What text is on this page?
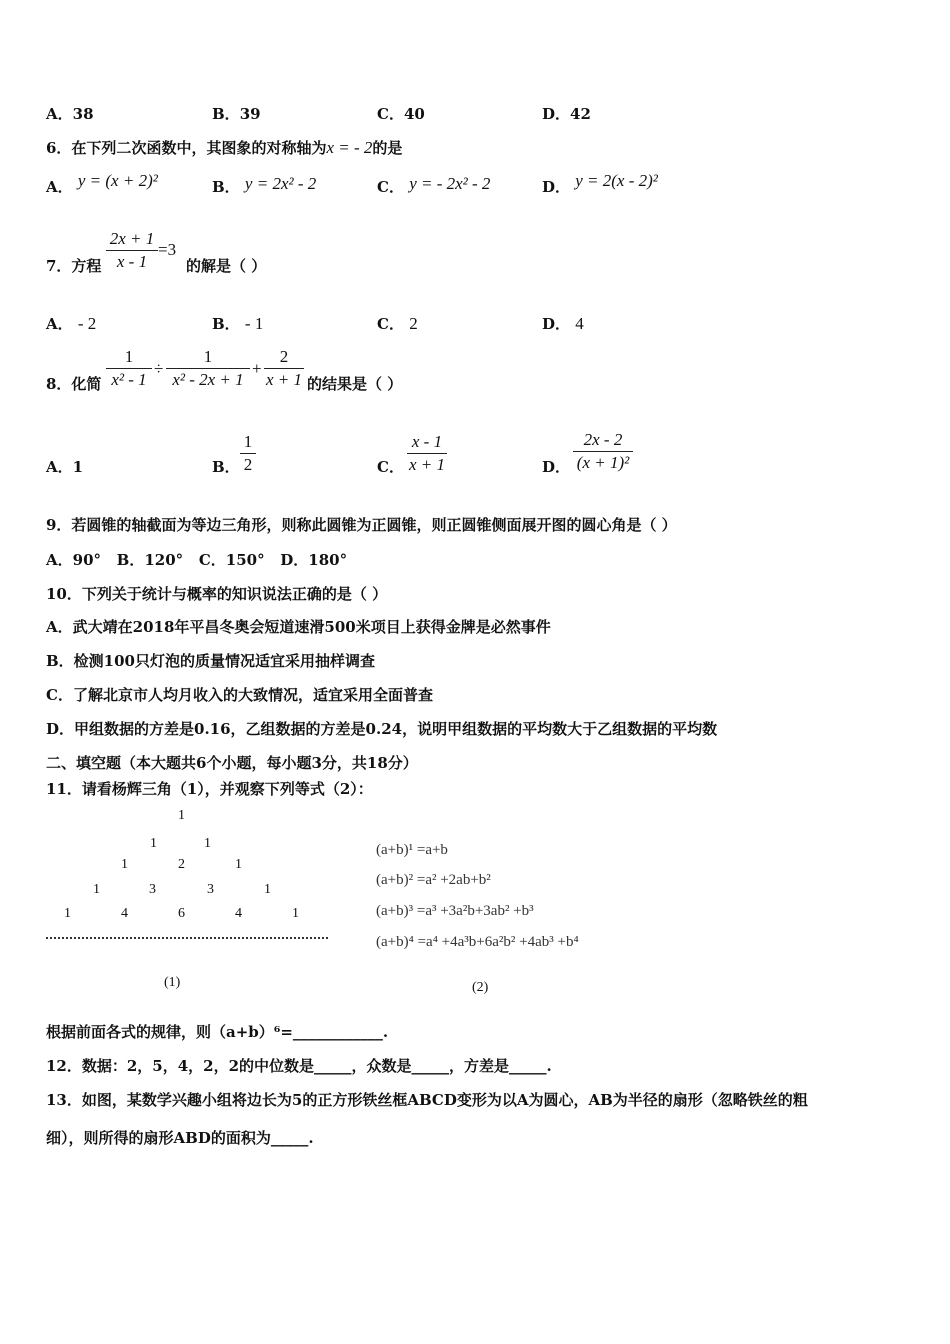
A．38	B．39	C．40	D．42
6．在下列二次函数中，其图象的对称轴为x = - 2的是
A． y = (x + 2)²	B． y = 2x² - 2	C． y = - 2x² - 2	D． y = 2(x - 2)²
7．方程
2x + 1
x - 1
=3
的解是（ ）
A． - 2	B． - 1	C． 2	D． 4
8．化简
1
x² - 1
÷
1
x² - 2x + 1
+
2
x + 1 的结果是（ ）
A．1	B．
1
2	C．
x - 1
x + 1	D．
2x - 2
(x + 1)²
9．若圆锥的轴截面为等边三角形，则称此圆锥为正圆锥，则正圆锥侧面展开图的圆心角是（ ）
A．90°   B．120°   C．150°   D．180°
10．下列关于统计与概率的知识说法正确的是（ ）
A．武大靖在2018年平昌冬奥会短道速滑500米项目上获得金牌是必然事件
B．检测100只灯泡的质量情况适宜采用抽样调查
C．了解北京市人均月收入的大致情况，适宜采用全面普查
D．甲组数据的方差是0.16，乙组数据的方差是0.24，说明甲组数据的平均数大于乙组数据的平均数
二、填空题（本大题共6个小题，每小题3分，共18分）
11．请看杨辉三角（1），并观察下列等式（2）：
1
1	1
1	2	1
1	3	3	1
1	4	6	4	1
(1)
(a+b)¹ =a+b
(a+b)² =a² +2ab+b²
(a+b)³ =a³ +3a²b+3ab² +b³
(a+b)⁴ =a⁴ +4a³b+6a²b² +4ab³ +b⁴
(2)
根据前面各式的规律，则（a+b）⁶=____________.
12．数据：2，5，4，2，2的中位数是_____，众数是_____，方差是_____.
13．如图，某数学兴趣小组将边长为5的正方形铁丝框ABCD变形为以A为圆心，AB为半径的扇形（忽略铁丝的粗
细），则所得的扇形ABD的面积为_____.
